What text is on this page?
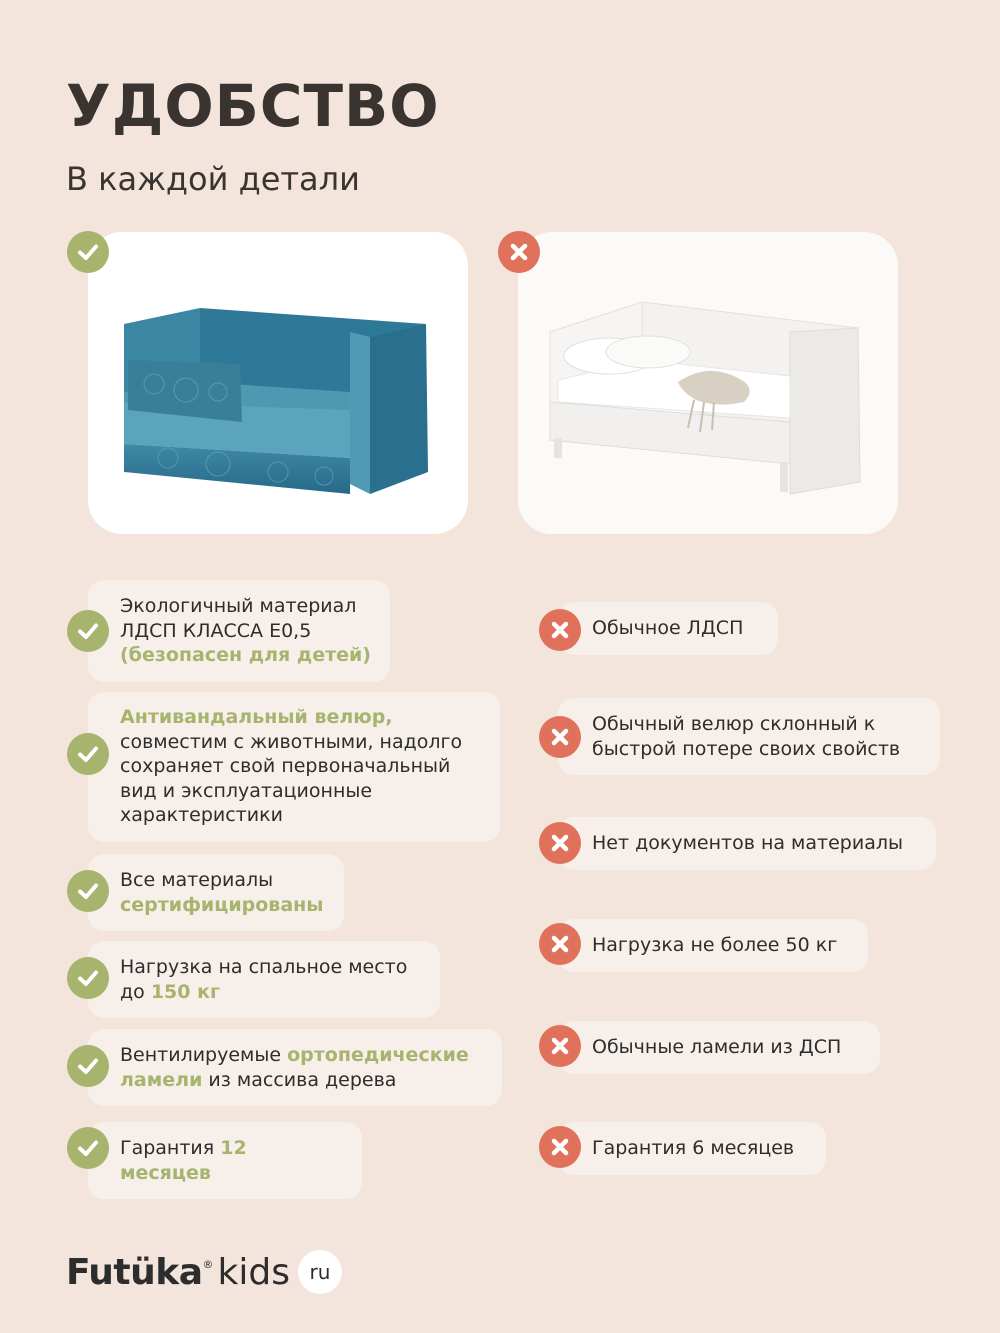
УДОБСТВО
В каждой детали
Экологичный материал ЛДСП КЛАССА Е0,5 (безопасен для детей)
Антивандальный велюр, совместим с животными, надолго сохраняет свой первоначальный вид и эксплуатационные характеристики
Все материалы сертифицированы
Нагрузка на спальное место до 150 кг
Вентилируемые ортопедические ламели из массива дерева
Гарантия 12 месяцев
Обычное ЛДСП
Обычный велюр склонный к быстрой потере своих свойств
Нет документов на материалы
Нагрузка не более 50 кг
Обычные ламели из ДСП
Гарантия 6 месяцев
Futüka ® kids ru
